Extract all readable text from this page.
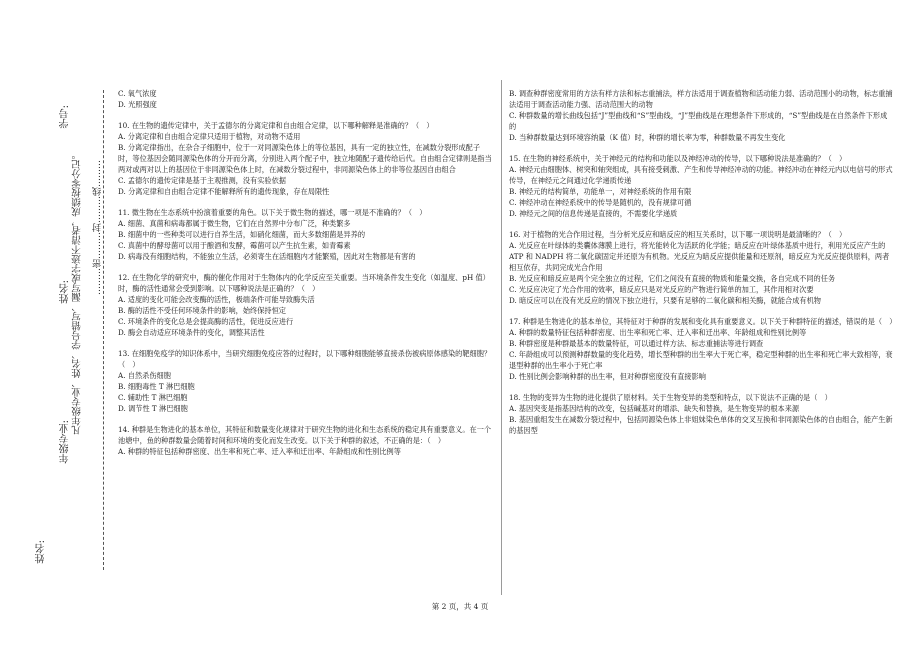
姓名:
年级专业:
凡年级专业、姓名、学号错写、漏写或字迹不清者，成绩按零分记。
姓名:
学号:
………密………封………线………

C. 氧气浓度

D. 光照强度

10. 在生物的遗传定律中，关于孟德尔的分离定律和自由组合定律，以下哪种解释是准确的？（　）

A. 分离定律和自由组合定律只适用于植物，对动物不适用

B. 分离定律指出，在杂合子细胞中，位于一对同源染色体上的等位基因，具有一定的独立性，在减数分裂形成配子时，等位基因会随同源染色体的分开而分离，分别进入两个配子中，独立地随配子遗传给后代。自由组合定律则是指当两对或两对以上的基因位于非同源染色体上时，在减数分裂过程中，非同源染色体上的非等位基因自由组合

C. 孟德尔的遗传定律是基于主观推测，没有实验依据

D. 分离定律和自由组合定律不能解释所有的遗传现象，存在局限性

11. 微生物在生态系统中扮演着重要的角色。以下关于微生物的描述，哪一项是不准确的？（　）

A. 细菌、真菌和病毒都属于微生物，它们在自然界中分布广泛，种类繁多

B. 细菌中的一些种类可以进行自养生活，如硝化细菌，而大多数细菌是异养的

C. 真菌中的酵母菌可以用于酿酒和发酵，霉菌可以产生抗生素，如青霉素

D. 病毒没有细胞结构，不能独立生活，必须寄生在活细胞内才能繁殖，因此对生物都是有害的

12. 在生物化学的研究中，酶的催化作用对于生物体内的化学反应至关重要。当环境条件发生变化（如温度、pH 值）时，酶的活性通常会受到影响。以下哪种说法是正确的？（　）

A. 适度的变化可能会改变酶的活性，极端条件可能导致酶失活

B. 酶的活性不受任何环境条件的影响，始终保持恒定

C. 环境条件的变化总是会提高酶的活性，促进反应进行

D. 酶会自动适应环境条件的变化，调整其活性

13. 在细胞免疫学的知识体系中，当研究细胞免疫应答的过程时，以下哪种细胞能够直接杀伤被病原体感染的靶细胞？（　）

A. 自然杀伤细胞

B. 细胞毒性 T 淋巴细胞

C. 辅助性 T 淋巴细胞

D. 调节性 T 淋巴细胞

14. 种群是生物进化的基本单位，其特征和数量变化规律对于研究生物的进化和生态系统的稳定具有重要意义。在一个池塘中，鱼的种群数量会随着时间和环境的变化而发生改变。以下关于种群的叙述，不正确的是：（　）

A. 种群的特征包括种群密度、出生率和死亡率、迁入率和迁出率、年龄组成和性别比例等

B. 调查种群密度常用的方法有样方法和标志重捕法，样方法适用于调查植物和活动能力弱、活动范围小的动物，标志重捕法适用于调查活动能力强、活动范围大的动物

C. 种群数量的增长曲线包括“J”型曲线和“S”型曲线，“J”型曲线是在理想条件下形成的，“S”型曲线是在自然条件下形成的

D. 当种群数量达到环境容纳量（K 值）时，种群的增长率为零，种群数量不再发生变化

15. 在生物的神经系统中，关于神经元的结构和功能以及神经冲动的传导，以下哪种说法是准确的？（　）

A. 神经元由细胞体、树突和轴突组成，具有接受刺激、产生和传导神经冲动的功能。神经冲动在神经元内以电信号的形式传导，在神经元之间通过化学递质传递

B. 神经元的结构简单，功能单一，对神经系统的作用有限

C. 神经冲动在神经系统中的传导是随机的，没有规律可循

D. 神经元之间的信息传递是直接的，不需要化学递质

16. 对于植物的光合作用过程，当分析光反应和暗反应的相互关系时，以下哪一项说明是最清晰的？（　）

A. 光反应在叶绿体的类囊体薄膜上进行，将光能转化为活跃的化学能；暗反应在叶绿体基质中进行，利用光反应产生的 ATP 和 NADPH 将二氧化碳固定并还原为有机物。光反应为暗反应提供能量和还原剂，暗反应为光反应提供原料，两者相互依存，共同完成光合作用

B. 光反应和暗反应是两个完全独立的过程，它们之间没有直接的物质和能量交换，各自完成不同的任务

C. 光反应决定了光合作用的效率，暗反应只是对光反应的产物进行简单的加工，其作用相对次要

D. 暗反应可以在没有光反应的情况下独立进行，只要有足够的二氧化碳和相关酶，就能合成有机物

17. 种群是生物进化的基本单位，其特征对于种群的发展和变化具有重要意义。以下关于种群特征的描述，错误的是（　）

A. 种群的数量特征包括种群密度、出生率和死亡率、迁入率和迁出率、年龄组成和性别比例等

B. 种群密度是种群最基本的数量特征，可以通过样方法、标志重捕法等进行调查

C. 年龄组成可以预测种群数量的变化趋势，增长型种群的出生率大于死亡率，稳定型种群的出生率和死亡率大致相等，衰退型种群的出生率小于死亡率

D. 性别比例会影响种群的出生率，但对种群密度没有直接影响

18. 生物的变异为生物的进化提供了原材料。关于生物变异的类型和特点，以下说法不正确的是（　）

A. 基因突变是指基因结构的改变，包括碱基对的增添、缺失和替换，是生物变异的根本来源

B. 基因重组发生在减数分裂过程中，包括同源染色体上非姐妹染色单体的交叉互换和非同源染色体的自由组合，能产生新的基因型

第 2 页，共 4 页
